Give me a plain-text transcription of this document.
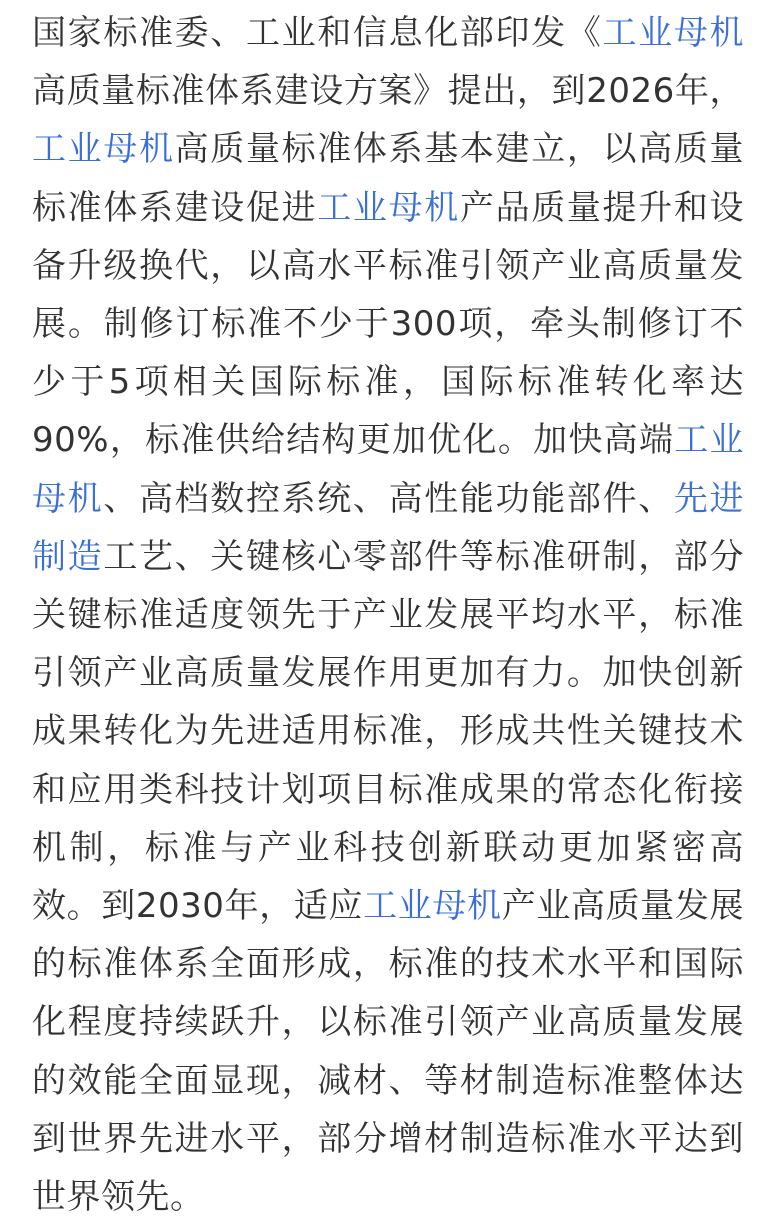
国家标准委、工业和信息化部印发《工业母机高质量标准体系建设方案》提出，到2026年，工业母机高质量标准体系基本建立，以高质量标准体系建设促进工业母机产品质量提升和设备升级换代，以高水平标准引领产业高质量发展。制修订标准不少于300项，牵头制修订不少于5项相关国际标准，国际标准转化率达90%，标准供给结构更加优化。加快高端工业母机、高档数控系统、高性能功能部件、先进制造工艺、关键核心零部件等标准研制，部分关键标准适度领先于产业发展平均水平，标准引领产业高质量发展作用更加有力。加快创新成果转化为先进适用标准，形成共性关键技术和应用类科技计划项目标准成果的常态化衔接机制，标准与产业科技创新联动更加紧密高效。到2030年，适应工业母机产业高质量发展的标准体系全面形成，标准的技术水平和国际化程度持续跃升，以标准引领产业高质量发展的效能全面显现，减材、等材制造标准整体达到世界先进水平，部分增材制造标准水平达到世界领先。
